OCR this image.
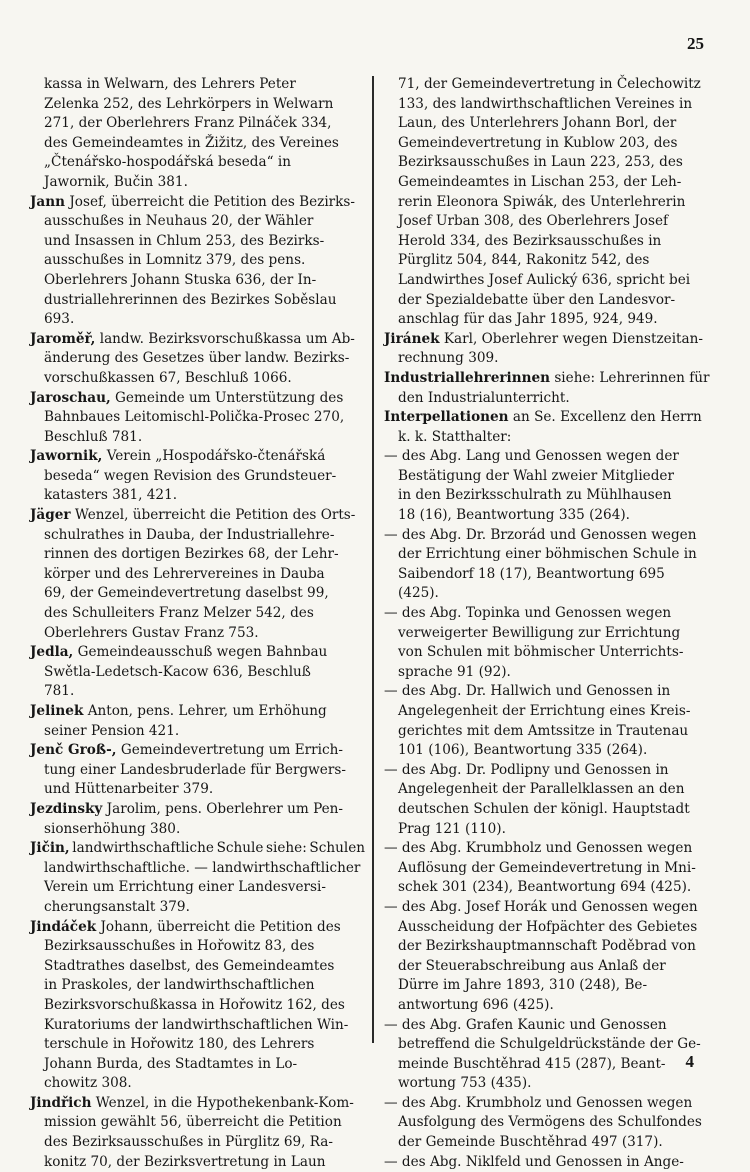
25
kassa in Welwarn, des Lehrers Peter
Zelenka 252, des Lehrkörpers in Welwarn
271, der Oberlehrers Franz Pilnáček 334,
des Gemeindeamtes in Žižitz, des Vereines
„Čtenářsko-hospodářská beseda“ in
Jawornik, Bučin 381.
Jann Josef, überreicht die Petition des Bezirks-
ausschußes in Neuhaus 20, der Wähler
und Insassen in Chlum 253, des Bezirks-
ausschußes in Lomnitz 379, des pens.
Oberlehrers Johann Stuska 636, der In-
dustriallehrerinnen des Bezirkes Soběslau
693.
Jaroměř, landw. Bezirksvorschußkassa um Ab-
änderung des Gesetzes über landw. Bezirks-
vorschußkassen 67, Beschluß 1066.
Jaroschau, Gemeinde um Unterstützung des
Bahnbaues Leitomischl-Polička-Prosec 270,
Beschluß 781.
Jawornik, Verein „Hospodářsko-čtenářská
beseda“ wegen Revision des Grundsteuer-
katasters 381, 421.
Jäger Wenzel, überreicht die Petition des Orts-
schulrathes in Dauba, der Industriallehre-
rinnen des dortigen Bezirkes 68, der Lehr-
körper und des Lehrervereines in Dauba
69, der Gemeindevertretung daselbst 99,
des Schulleiters Franz Melzer 542, des
Oberlehrers Gustav Franz 753.
Jedla, Gemeindeausschuß wegen Bahnbau
Swětla-Ledetsch-Kacow 636, Beschluß
781.
Jelinek Anton, pens. Lehrer, um Erhöhung
seiner Pension 421.
Jenč Groß-, Gemeindevertretung um Errich-
tung einer Landesbruderlade für Bergwers-
und Hüttenarbeiter 379.
Jezdinsky Jarolim, pens. Oberlehrer um Pen-
sionserhöhung 380.
Jičin, landwirthschaftliche Schule siehe: Schulen
landwirthschaftliche. — landwirthschaftlicher
Verein um Errichtung einer Landesversi-
cherungsanstalt 379.
Jindáček Johann, überreicht die Petition des
Bezirksausschußes in Hořowitz 83, des
Stadtrathes daselbst, des Gemeindeamtes
in Praskoles, der landwirthschaftlichen
Bezirksvorschußkassa in Hořowitz 162, des
Kuratoriums der landwirthschaftlichen Win-
terschule in Hořowitz 180, des Lehrers
Johann Burda, des Stadtamtes in Lo-
chowitz 308.
Jindřich Wenzel, in die Hypothekenbank-Kom-
mission gewählt 56, überreicht die Petition
des Bezirksausschußes in Pürglitz 69, Ra-
konitz 70, der Bezirksvertretung in Laun
71, der Gemeindevertretung in Čelechowitz
133, des landwirthschaftlichen Vereines in
Laun, des Unterlehrers Johann Borl, der
Gemeindevertretung in Kublow 203, des
Bezirksausschußes in Laun 223, 253, des
Gemeindeamtes in Lischan 253, der Leh-
rerin Eleonora Spiwák, des Unterlehrerin
Josef Urban 308, des Oberlehrers Josef
Herold 334, des Bezirksausschußes in
Pürglitz 504, 844, Rakonitz 542, des
Landwirthes Josef Aulický 636, spricht bei
der Spezialdebatte über den Landesvor-
anschlag für das Jahr 1895, 924, 949.
Jiránek Karl, Oberlehrer wegen Dienstzeitan-
rechnung 309.
Industriallehrerinnen siehe: Lehrerinnen für
den Industrialunterricht.
Interpellationen an Se. Excellenz den Herrn
k. k. Statthalter:
— des Abg. Lang und Genossen wegen der
Bestätigung der Wahl zweier Mitglieder
in den Bezirksschulrath zu Mühlhausen
18 (16), Beantwortung 335 (264).
— des Abg. Dr. Brzorád und Genossen wegen
der Errichtung einer böhmischen Schule in
Saibendorf 18 (17), Beantwortung 695
(425).
— des Abg. Topinka und Genossen wegen
verweigerter Bewilligung zur Errichtung
von Schulen mit böhmischer Unterrichts-
sprache 91 (92).
— des Abg. Dr. Hallwich und Genossen in
Angelegenheit der Errichtung eines Kreis-
gerichtes mit dem Amtssitze in Trautenau
101 (106), Beantwortung 335 (264).
— des Abg. Dr. Podlipny und Genossen in
Angelegenheit der Parallelklassen an den
deutschen Schulen der königl. Hauptstadt
Prag 121 (110).
— des Abg. Krumbholz und Genossen wegen
Auflösung der Gemeindevertretung in Mni-
schek 301 (234), Beantwortung 694 (425).
— des Abg. Josef Horák und Genossen wegen
Ausscheidung der Hofpächter des Gebietes
der Bezirkshauptmannschaft Poděbrad von
der Steuerabschreibung aus Anlaß der
Dürre im Jahre 1893, 310 (248), Be-
antwortung 696 (425).
— des Abg. Grafen Kaunic und Genossen
betreffend die Schulgeldrückstände der Ge-
meinde Buschtěhrad 415 (287), Beant-
wortung 753 (435).
— des Abg. Krumbholz und Genossen wegen
Ausfolgung des Vermögens des Schulfondes
der Gemeinde Buschtěhrad 497 (317).
— des Abg. Niklfeld und Genossen in Ange-
4
